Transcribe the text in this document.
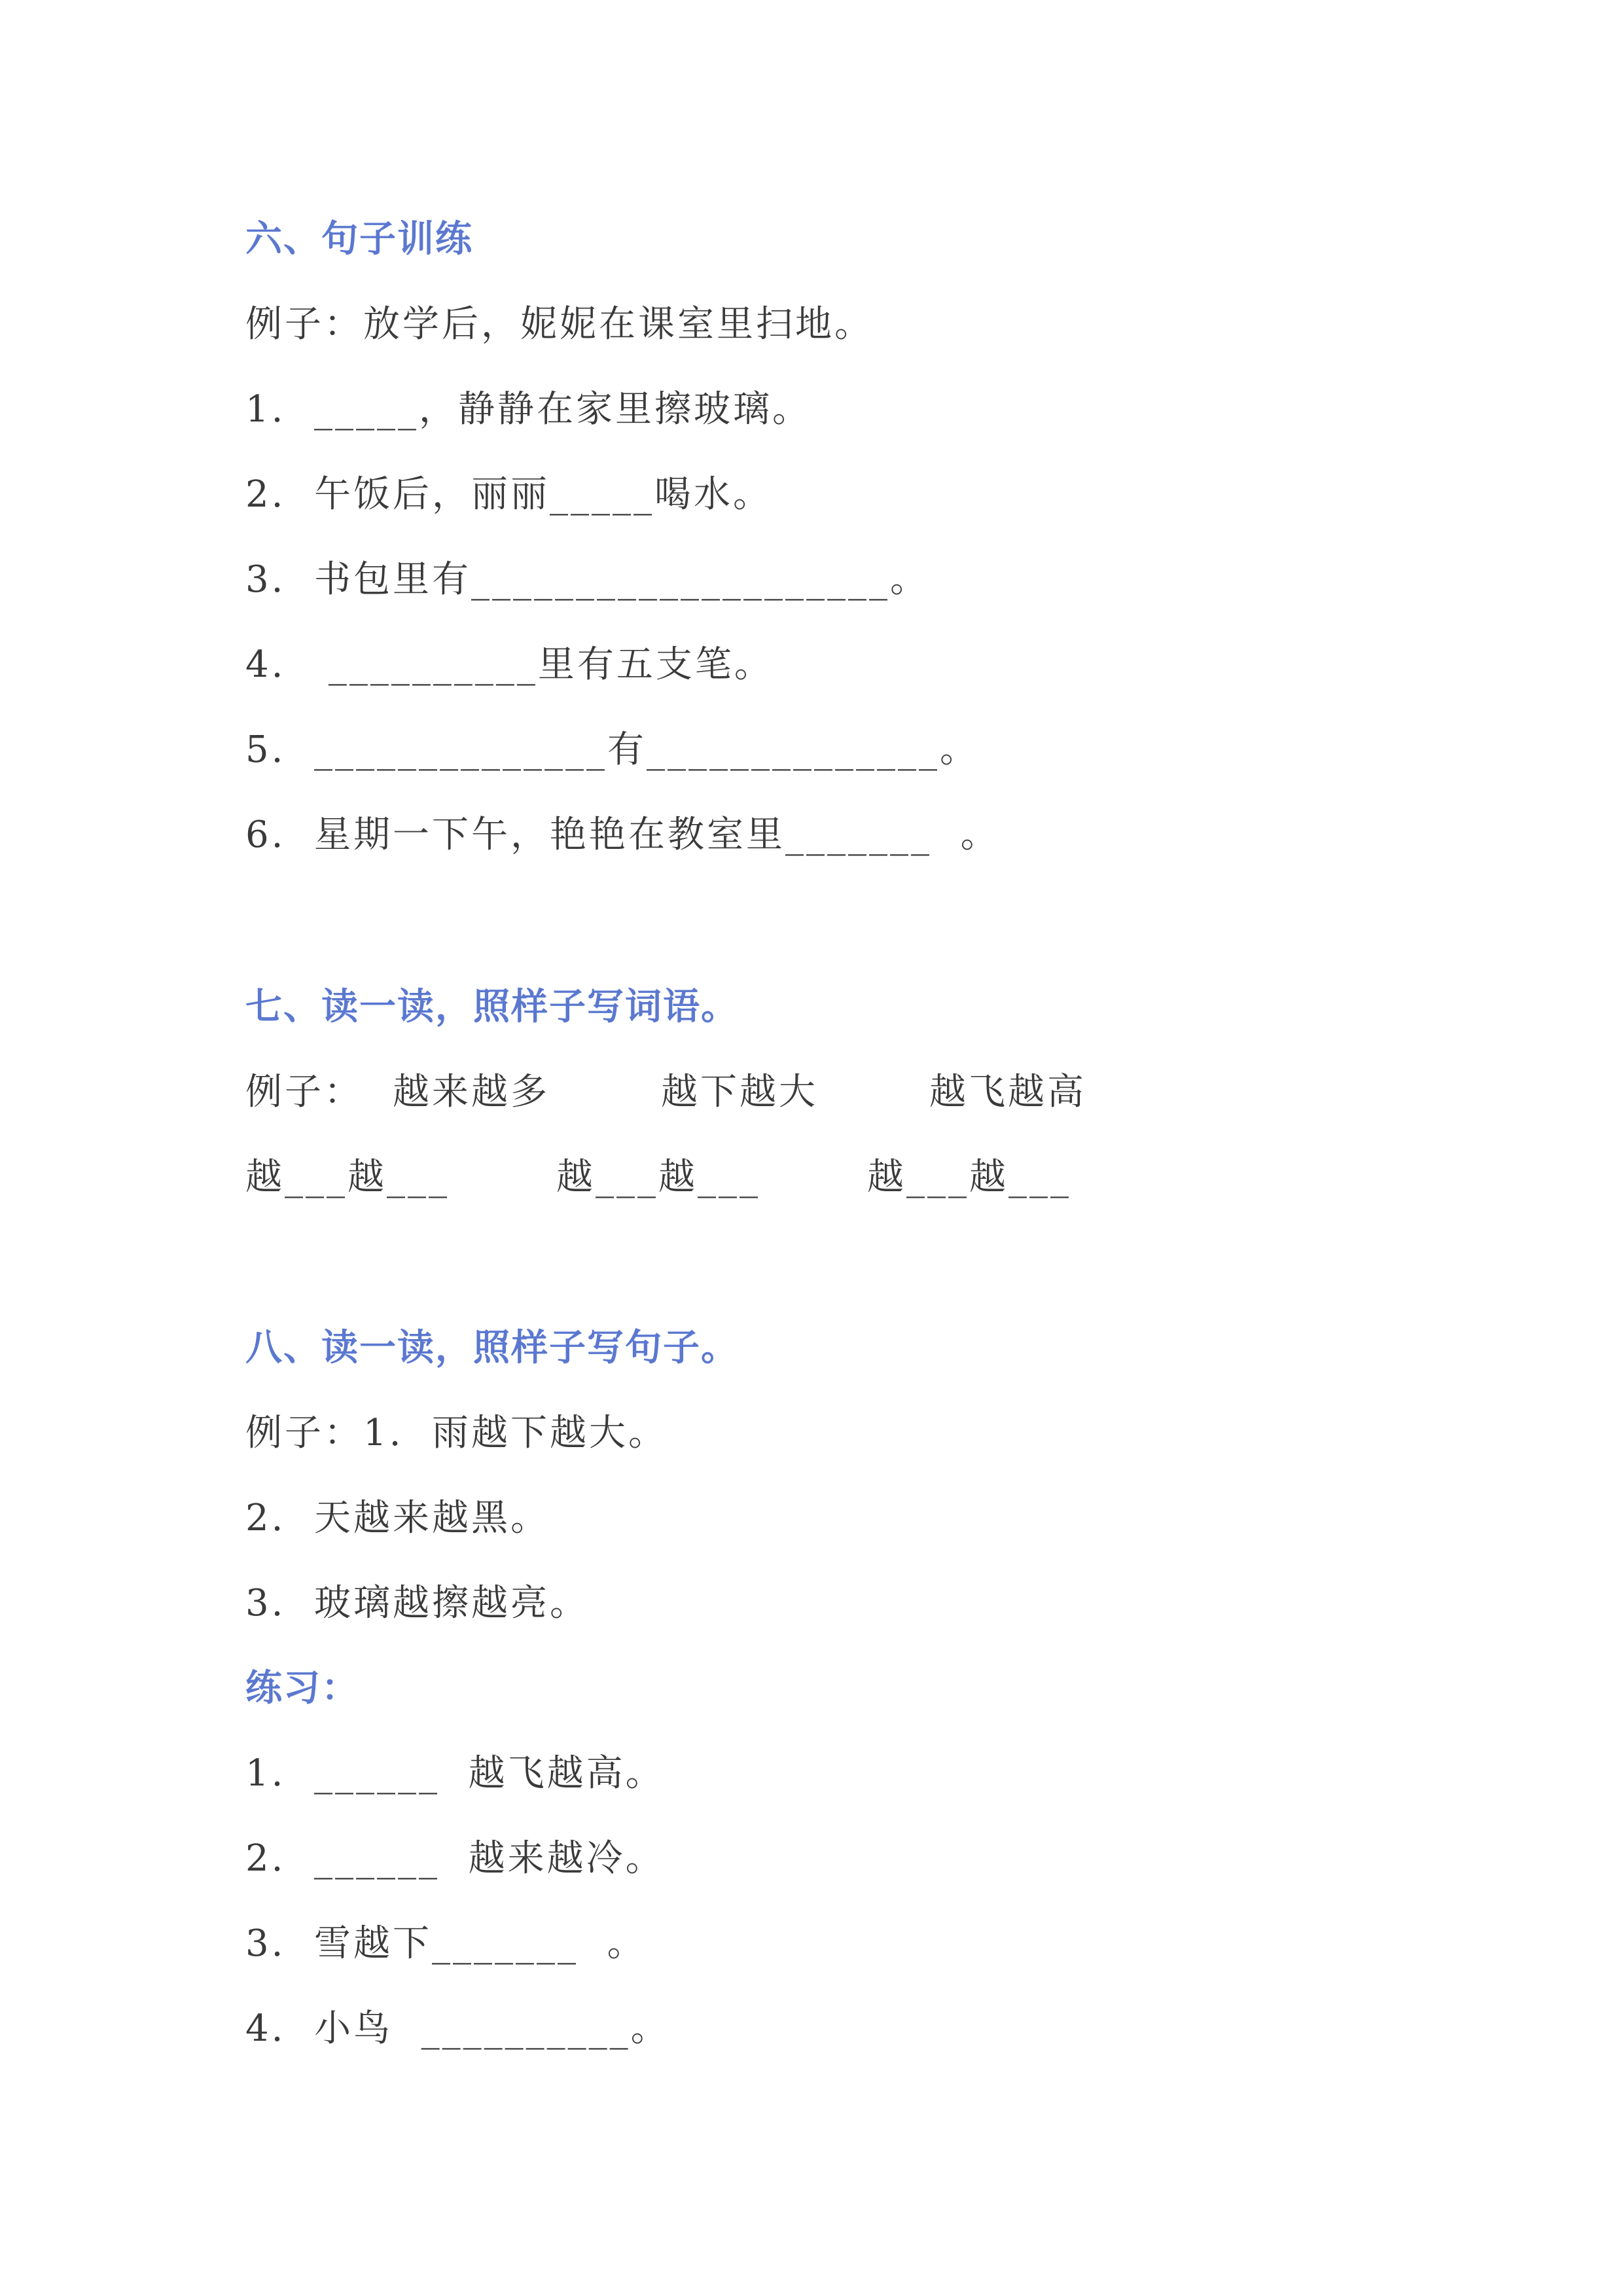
六、句子训练
例子：放学后，妮妮在课室里扫地。
1.  _____，静静在家里擦玻璃。
2.  午饭后，丽丽_____喝水。
3.  书包里有____________________。
4.   __________里有五支笔。
5.  ______________有______________。
6.  星期一下午，艳艳在教室里_______  。
七、读一读，照样子写词语。

例子：

越来越多

	越下越大

	越飞越高

越___越___

	越___越___

	越___越___

八、读一读，照样子写句子。
例子：1.  雨越下越大。
2.  天越来越黑。
3.  玻璃越擦越亮。
练习：
1.  ______  越飞越高。
2.  ______  越来越冷。
3.  雪越下_______  。
4.  小鸟  __________。
